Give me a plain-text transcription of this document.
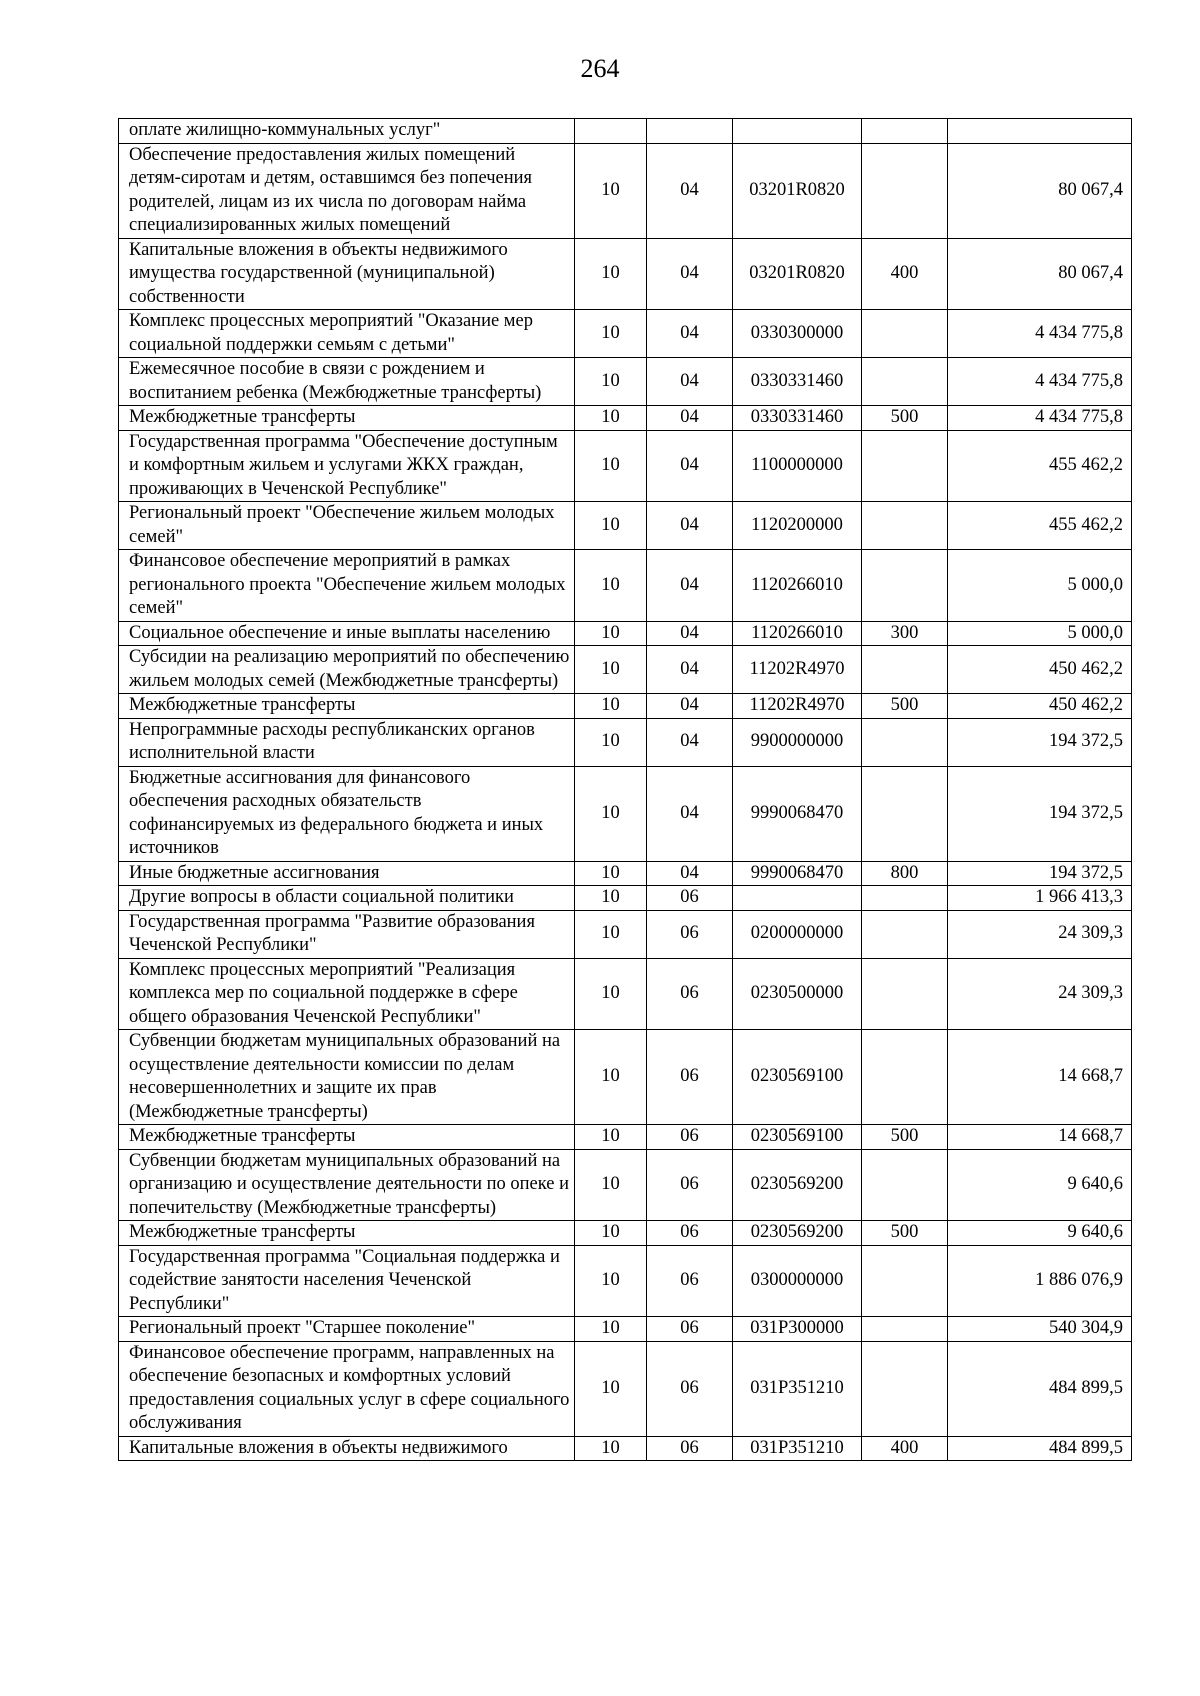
264
оплате жилищно-коммунальных услуг"					
Обеспечение предоставления жилых помещений детям-сиротам и детям, оставшимся без попечения родителей, лицам из их числа по договорам найма специализированных жилых помещений	10	04	03201R0820		80 067,4
Капитальные вложения в объекты недвижимого имущества государственной (муниципальной) собственности	10	04	03201R0820	400	80 067,4
Комплекс процессных мероприятий "Оказание мер социальной поддержки семьям с детьми"	10	04	0330300000		4 434 775,8
Ежемесячное пособие в связи с рождением и воспитанием ребенка (Межбюджетные трансферты)	10	04	0330331460		4 434 775,8
Межбюджетные трансферты	10	04	0330331460	500	4 434 775,8
Государственная программа "Обеспечение доступным и комфортным жильем и услугами ЖКХ граждан, проживающих в Чеченской Республике"	10	04	1100000000		455 462,2
Региональный проект "Обеспечение жильем молодых семей"	10	04	1120200000		455 462,2
Финансовое обеспечение мероприятий в рамках регионального проекта "Обеспечение жильем молодых семей"	10	04	1120266010		5 000,0
Социальное обеспечение и иные выплаты населению	10	04	1120266010	300	5 000,0
Субсидии на реализацию мероприятий по обеспечению жильем молодых семей (Межбюджетные трансферты)	10	04	11202R4970		450 462,2
Межбюджетные трансферты	10	04	11202R4970	500	450 462,2
Непрограммные расходы республиканских органов исполнительной власти	10	04	9900000000		194 372,5
Бюджетные ассигнования для финансового обеспечения расходных обязательств софинансируемых из федерального бюджета и иных источников	10	04	9990068470		194 372,5
Иные бюджетные ассигнования	10	04	9990068470	800	194 372,5
Другие вопросы в области социальной политики	10	06			1 966 413,3
Государственная программа "Развитие образования Чеченской Республики"	10	06	0200000000		24 309,3
Комплекс процессных мероприятий "Реализация комплекса мер по социальной поддержке в сфере общего образования Чеченской Республики"	10	06	0230500000		24 309,3
Субвенции бюджетам муниципальных образований на осуществление деятельности комиссии по делам несовершеннолетних и защите их прав (Межбюджетные трансферты)	10	06	0230569100		14 668,7
Межбюджетные трансферты	10	06	0230569100	500	14 668,7
Субвенции бюджетам муниципальных образований на организацию и осуществление деятельности по опеке и попечительству (Межбюджетные трансферты)	10	06	0230569200		9 640,6
Межбюджетные трансферты	10	06	0230569200	500	9 640,6
Государственная программа "Социальная поддержка и содействие занятости населения Чеченской Республики"	10	06	0300000000		1 886 076,9
Региональный проект "Старшее поколение"	10	06	031P300000		540 304,9
Финансовое обеспечение программ, направленных на обеспечение безопасных и комфортных условий предоставления социальных услуг в сфере социального обслуживания	10	06	031P351210		484 899,5
Капитальные вложения в объекты недвижимого	10	06	031P351210	400	484 899,5
